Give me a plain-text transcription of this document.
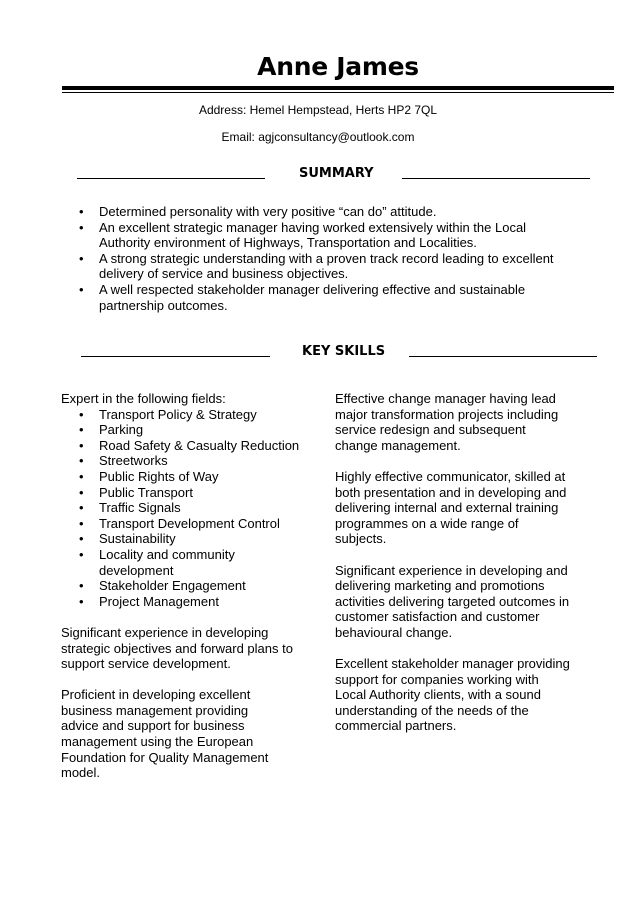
Anne James
Address: Hemel Hempstead, Herts HP2 7QL
Email: agjconsultancy@outlook.com
SUMMARY
• Determined personality with very positive “can do” attitude.
• An excellent strategic manager having worked extensively within the Local Authority environment of Highways, Transportation and Localities.
• A strong strategic understanding with a proven track record leading to excellent delivery of service and business objectives.
• A well respected stakeholder manager delivering effective and sustainable partnership outcomes.
KEY SKILLS

Expert in the following fields:

• Transport Policy & Strategy
• Parking
• Road Safety & Casualty Reduction
• Streetworks
• Public Rights of Way
• Public Transport
• Traffic Signals
• Transport Development Control
• Sustainability
• Locality and community development
• Stakeholder Engagement
• Project Management

Significant experience in developing strategic objectives and forward plans to support service development.

Proficient in developing excellent business management providing advice and support for business management using the European Foundation for Quality Management model.

Effective change manager having lead major transformation projects including service redesign and subsequent change management.

Highly effective communicator, skilled at both presentation and in developing and delivering internal and external training programmes on a wide range of subjects.

Significant experience in developing and delivering marketing and promotions activities delivering targeted outcomes in customer satisfaction and customer behavioural change.

Excellent stakeholder manager providing support for companies working with Local Authority clients, with a sound understanding of the needs of the commercial partners.
